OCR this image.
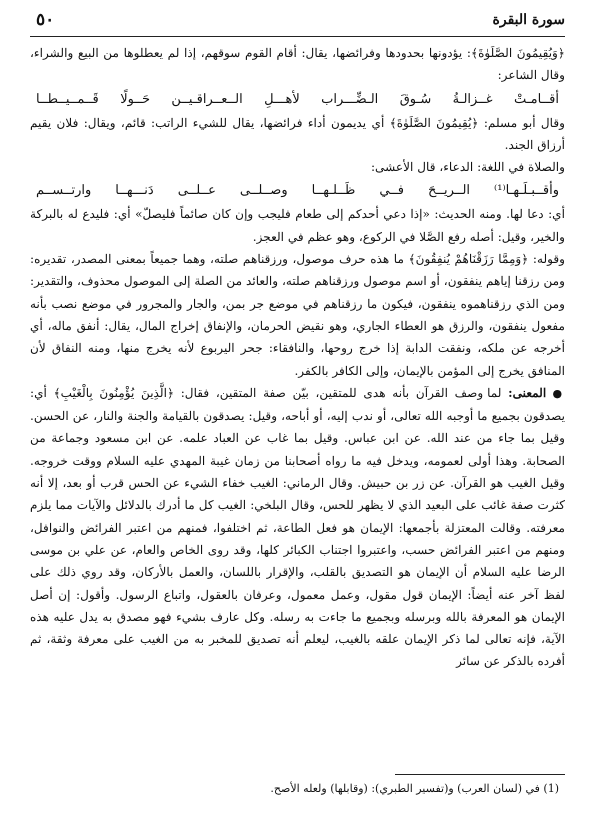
سورة البقرة
٥٠

﴿وَيُقِيمُونَ الصَّلَوٰةَ﴾: يؤدونها بحدودها وفرائضها، يقال: أقام القوم سوقهم، إذا لم يعطلوها من البيع والشراء، وقال الشاعر:

أقــامـتْ غــزالـةُ سُـوقَ الـضِّـــراب لأهـــلِ الــعــراقـيــن حَــولًا قَــمــيــطــا

وقال أبو مسلم: ﴿يُقِيمُونَ الصَّلَوٰةَ﴾ أي يديمون أداء فرائضها، يقال للشيء الراتب: قائم، ويقال: فلان يقيم أرزاق الجند.

والصلاة في اللغة: الدعاء، قال الأعشى:

وأقــبـلَـهـا⁽¹⁾ الــريــحَ فــي ظَــلـهــا وصــلــى عــلــى دَنـــهــا وارتــســم

أي: دعا لها. ومنه الحديث: «إذا دعي أحدكم إلى طعام فليجب وإن كان صائماً فليصلّ» أي: فليدع له بالبركة والخير، وقيل: أصله رفع الصَّلا في الركوع، وهو عظم في العجز.

وقوله: ﴿وَمِمَّا رَزَقْنَاهُمْ يُنفِقُونَ﴾ ما هذه حرف موصول، ورزقناهم صلته، وهما جميعاً بمعنى المصدر، تقديره: ومن رزقنا إياهم ينفقون، أو اسم موصول ورزقناهم صلته، والعائد من الصلة إلى الموصول محذوف، والتقدير: ومن الذي رزقناهموه ينفقون، فيكون ما رزقناهم في موضع جر بمن، والجار والمجرور في موضع نصب بأنه مفعول ينفقون، والرزق هو العطاء الجاري، وهو نقيض الحرمان، والإنفاق إخراج المال، يقال: أنفق ماله، أي أخرجه عن ملكه، ونفقت الدابة إذا خرج روحها، والنافقاء: جحر اليربوع لأنه يخرج منها، ومنه النفاق لأن المنافق يخرج إلى المؤمن بالإيمان، وإلى الكافر بالكفر.

● المعنى: لما وصف القرآن بأنه هدى للمتقين، بيّن صفة المتقين، فقال: ﴿الَّذِينَ يُؤْمِنُونَ بِالْغَيْبِ﴾ أي: يصدقون بجميع ما أوجبه الله تعالى، أو ندب إليه، أو أباحه، وقيل: يصدقون بالقيامة والجنة والنار، عن الحسن. وقيل بما جاء من عند الله. عن ابن عباس. وقيل بما غاب عن العباد علمه. عن ابن مسعود وجماعة من الصحابة. وهذا أولى لعمومه، ويدخل فيه ما رواه أصحابنا من زمان غيبة المهدي عليه السلام ووقت خروجه. وقيل الغيب هو القرآن. عن زر بن حبيش. وقال الرماني: الغيب خفاء الشيء عن الحس قرب أو بعد، إلا أنه كثرت صفة غائب على البعيد الذي لا يظهر للحس، وقال البلخي: الغيب كل ما أدرك بالدلائل والآيات مما يلزم معرفته. وقالت المعتزلة بأجمعها: الإيمان هو فعل الطاعة، ثم اختلفوا، فمنهم من اعتبر الفرائض والنوافل، ومنهم من اعتبر الفرائض حسب، واعتبروا اجتناب الكبائر كلها، وقد روى الخاص والعام، عن علي بن موسى الرضا عليه السلام أن الإيمان هو التصديق بالقلب، والإقرار باللسان، والعمل بالأركان، وقد روي ذلك على لفظ آخر عنه أيضاً: الإيمان قول مقول، وعمل معمول، وعرفان بالعقول، واتباع الرسول. وأقول: إن أصل الإيمان هو المعرفة بالله وبرسله وبجميع ما جاءت به رسله. وكل عارف بشيء فهو مصدق به يدل عليه هذه الآية، فإنه تعالى لما ذكر الإيمان علقه بالغيب، ليعلم أنه تصديق للمخبر به من الغيب على معرفة وثقة، ثم أفرده بالذكر عن سائر

(1) في (لسان العرب) و(تفسير الطبري): (وقابلها) ولعله الأصح.
